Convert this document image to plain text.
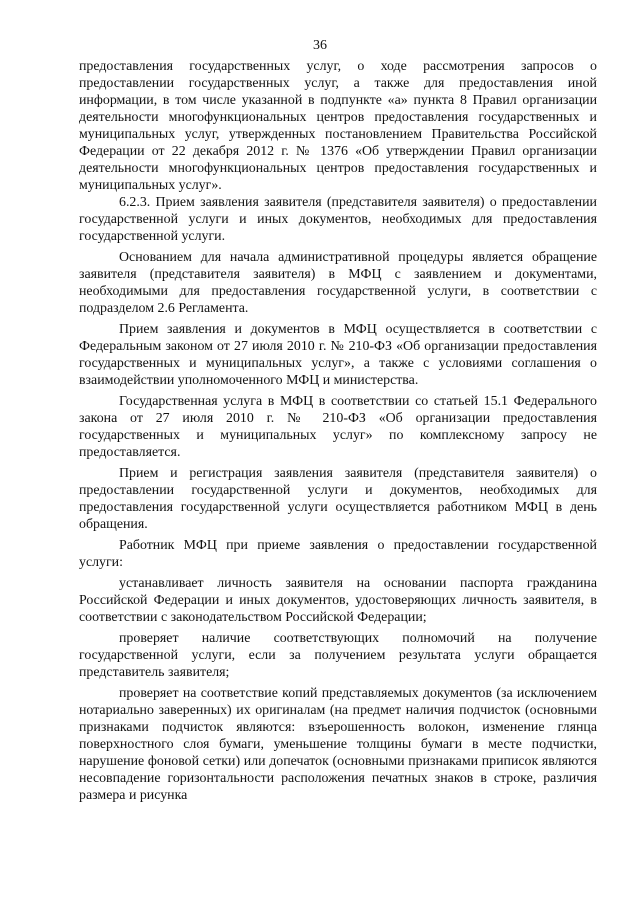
36

предоставления государственных услуг, о ходе рассмотрения запросов о предоставлении государственных услуг, а также для предоставления иной информации, в том числе указанной в подпункте «а» пункта 8 Правил организации деятельности многофункциональных центров предоставления государственных и муниципальных услуг, утвержденных постановлением Правительства Российской Федерации от 22 декабря 2012 г. № 1376 «Об утверждении Правил организации деятельности многофункциональных центров предоставления государственных и муниципальных услуг».

6.2.3. Прием заявления заявителя (представителя заявителя) о предоставлении государственной услуги и иных документов, необходимых для предоставления государственной услуги.

Основанием для начала административной процедуры является обращение заявителя (представителя заявителя) в МФЦ с заявлением и документами, необходимыми для предоставления государственной услуги, в соответствии с подразделом 2.6 Регламента.

Прием заявления и документов в МФЦ осуществляется в соответствии с Федеральным законом от 27 июля 2010 г. № 210-ФЗ «Об организации предоставления государственных и муниципальных услуг», а также с условиями соглашения о взаимодействии уполномоченного МФЦ и министерства.

Государственная услуга в МФЦ в соответствии со статьей 15.1 Федерального закона от 27 июля 2010 г. № 210-ФЗ «Об организации предоставления государственных и муниципальных услуг» по комплексному запросу не предоставляется.

Прием и регистрация заявления заявителя (представителя заявителя) о предоставлении государственной услуги и документов, необходимых для предоставления государственной услуги осуществляется работником МФЦ в день обращения.

Работник МФЦ при приеме заявления о предоставлении государственной услуги:

устанавливает личность заявителя на основании паспорта гражданина Российской Федерации и иных документов, удостоверяющих личность заявителя, в соответствии с законодательством Российской Федерации;

проверяет наличие соответствующих полномочий на получение государственной услуги, если за получением результата услуги обращается представитель заявителя;

проверяет на соответствие копий представляемых документов (за исключением нотариально заверенных) их оригиналам (на предмет наличия подчисток (основными признаками подчисток являются: взъерошенность волокон, изменение глянца поверхностного слоя бумаги, уменьшение толщины бумаги в месте подчистки, нарушение фоновой сетки) или допечаток (основными признаками приписок являются несовпадение горизонтальности расположения печатных знаков в строке, различия размера и рисунка
